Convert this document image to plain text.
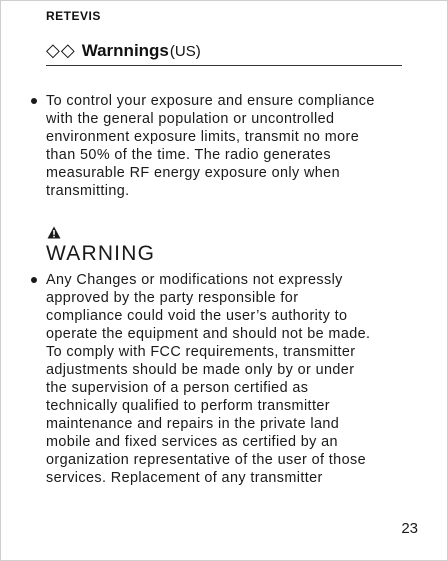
RETEVIS
◇◇ Warnnings (US)
To control your exposure and ensure compliance
with the general population or uncontrolled
environment exposure limits, transmit no more
than 50% of the time. The radio generates
measurable RF energy exposure only when
transmitting.
WARNING
Any Changes or modifications not expressly
approved by the party responsible for
compliance could void the user’s authority to
operate the equipment and should not be made.
To comply with FCC requirements, transmitter
adjustments should be made only by or under
the supervision of a person certified as
technically qualified to perform transmitter
maintenance and repairs in the private land
mobile and fixed services as certified by an
organization representative of the user of those
services. Replacement of any transmitter
23
